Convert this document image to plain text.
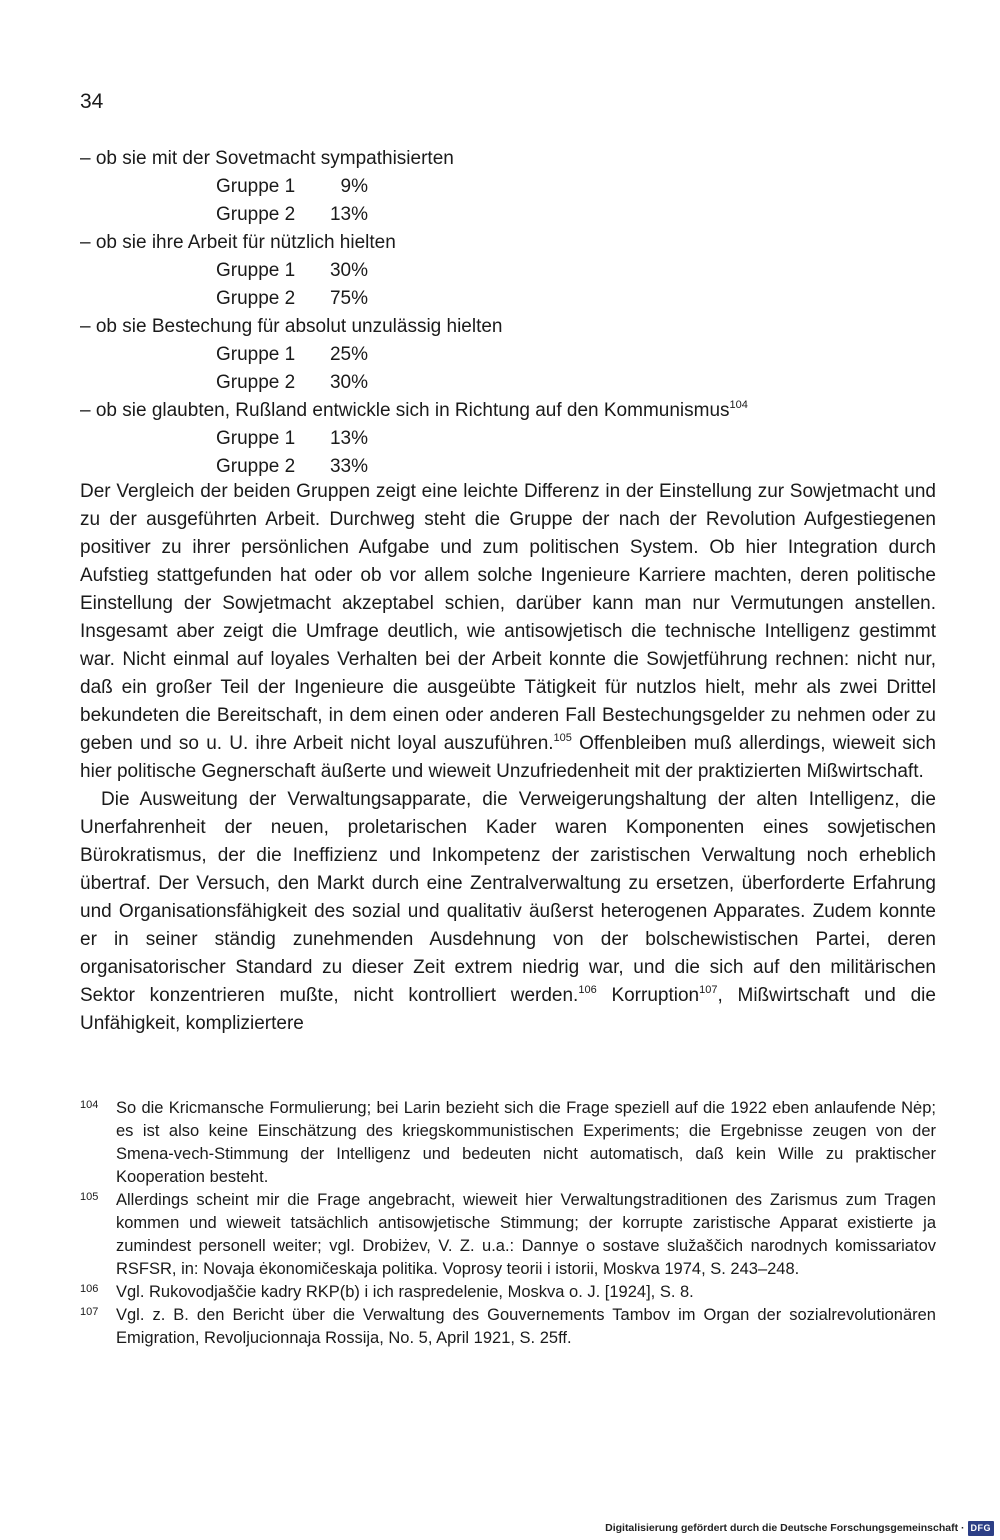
34
– ob sie mit der Sovetmacht sympathisierten
Gruppe 1	9%
Gruppe 2	13%
– ob sie ihre Arbeit für nützlich hielten
Gruppe 1	30%
Gruppe 2	75%
– ob sie Bestechung für absolut unzulässig hielten
Gruppe 1	25%
Gruppe 2	30%
– ob sie glaubten, Rußland entwickle sich in Richtung auf den Kommunismus$^{104}$
Gruppe 1	13%
Gruppe 2	33%

Der Vergleich der beiden Gruppen zeigt eine leichte Differenz in der Einstellung zur Sowjetmacht und zu der ausgeführten Arbeit. Durchweg steht die Gruppe der nach der Revolution Aufgestiegenen positiver zu ihrer persönlichen Aufgabe und zum politischen System. Ob hier Integration durch Aufstieg stattgefunden hat oder ob vor allem solche Ingenieure Karriere machten, deren politische Einstellung der Sowjetmacht akzeptabel schien, darüber kann man nur Vermutungen anstellen. Insgesamt aber zeigt die Umfrage deutlich, wie antisowjetisch die technische Intelligenz gestimmt war. Nicht einmal auf loyales Verhalten bei der Arbeit konnte die Sowjetführung rechnen: nicht nur, daß ein großer Teil der Ingenieure die ausgeübte Tätigkeit für nutzlos hielt, mehr als zwei Drittel bekundeten die Bereitschaft, in dem einen oder anderen Fall Bestechungsgelder zu nehmen oder zu geben und so u. U. ihre Arbeit nicht loyal auszuführen.$^{105}$ Offenbleiben muß allerdings, wieweit sich hier politische Gegnerschaft äußerte und wieweit Unzufriedenheit mit der praktizierten Mißwirtschaft.

Die Ausweitung der Verwaltungsapparate, die Verweigerungshaltung der alten Intelligenz, die Unerfahrenheit der neuen, proletarischen Kader waren Komponenten eines sowjetischen Bürokratismus, der die Ineffizienz und Inkompetenz der zaristischen Verwaltung noch erheblich übertraf. Der Versuch, den Markt durch eine Zentralverwaltung zu ersetzen, überforderte Erfahrung und Organisationsfähigkeit des sozial und qualitativ äußerst heterogenen Apparates. Zudem konnte er in seiner ständig zunehmenden Ausdehnung von der bolschewistischen Partei, deren organisatorischer Standard zu dieser Zeit extrem niedrig war, und die sich auf den militärischen Sektor konzentrieren mußte, nicht kontrolliert werden.$^{106}$ Korruption$^{107}$, Mißwirtschaft und die Unfähigkeit, kompliziertere

104 So die Kricmansche Formulierung; bei Larin bezieht sich die Frage speziell auf die 1922 eben anlaufende Nėp; es ist also keine Einschätzung des kriegskommunistischen Experiments; die Ergebnisse zeugen von der Smena-vech-Stimmung der Intelligenz und bedeuten nicht automatisch, daß kein Wille zu praktischer Kooperation besteht.

105 Allerdings scheint mir die Frage angebracht, wieweit hier Verwaltungstraditionen des Zarismus zum Tragen kommen und wieweit tatsächlich antisowjetische Stimmung; der korrupte zaristische Apparat existierte ja zumindest personell weiter; vgl. Drobiżev, V. Z. u.a.: Dannye o sostave služaščich narodnych komissariatov RSFSR, in: Novaja ėkonomičeskaja politika. Voprosy teorii i istorii, Moskva 1974, S. 243–248.

106 Vgl. Rukovodjaščie kadry RKP(b) i ich raspredelenie, Moskva o. J. [1924], S. 8.

107 Vgl. z. B. den Bericht über die Verwaltung des Gouvernements Tambov im Organ der sozialrevolutionären Emigration, Revoljucionnaja Rossija, No. 5, April 1921, S. 25ff.

Digitalisierung gefördert durch die Deutsche Forschungsgemeinschaft · DFG
